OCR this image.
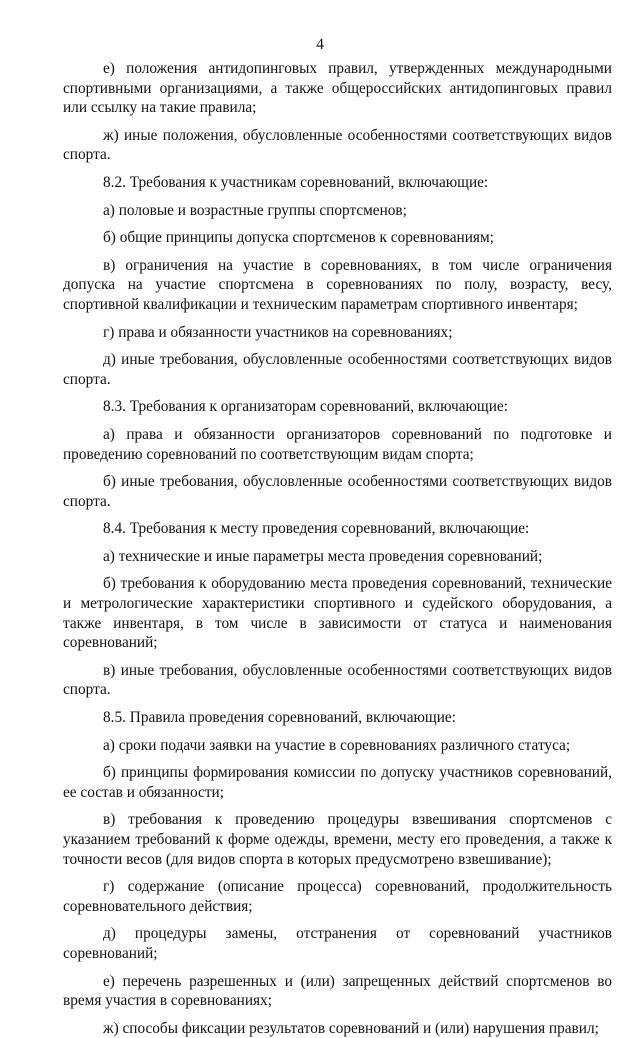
4

е) положения антидопинговых правил, утвержденных международными спортивными организациями, а также общероссийских антидопинговых правил или ссылку на такие правила;

ж) иные положения, обусловленные особенностями соответствующих видов спорта.

8.2. Требования к участникам соревнований, включающие:

а) половые и возрастные группы спортсменов;

б) общие принципы допуска спортсменов к соревнованиям;

в) ограничения на участие в соревнованиях, в том числе ограничения допуска на участие спортсмена в соревнованиях по полу, возрасту, весу, спортивной квалификации и техническим параметрам спортивного инвентаря;

г) права и обязанности участников на соревнованиях;

д) иные требования, обусловленные особенностями соответствующих видов спорта.

8.3. Требования к организаторам соревнований, включающие:

а) права и обязанности организаторов соревнований по подготовке и проведению соревнований по соответствующим видам спорта;

б) иные требования, обусловленные особенностями соответствующих видов спорта.

8.4. Требования к месту проведения соревнований, включающие:

а) технические и иные параметры места проведения соревнований;

б) требования к оборудованию места проведения соревнований, технические и метрологические характеристики спортивного и судейского оборудования, а также инвентаря, в том числе в зависимости от статуса и наименования соревнований;

в) иные требования, обусловленные особенностями соответствующих видов спорта.

8.5. Правила проведения соревнований, включающие:

а) сроки подачи заявки на участие в соревнованиях различного статуса;

б) принципы формирования комиссии по допуску участников соревнований, ее состав и обязанности;

в) требования к проведению процедуры взвешивания спортсменов с указанием требований к форме одежды, времени, месту его проведения, а также к точности весов (для видов спорта в которых предусмотрено взвешивание);

г) содержание (описание процесса) соревнований, продолжительность соревновательного действия;

д) процедуры замены, отстранения от соревнований участников соревнований;

е) перечень разрешенных и (или) запрещенных действий спортсменов во время участия в соревнованиях;

ж) способы фиксации результатов соревнований и (или) нарушения правил;
